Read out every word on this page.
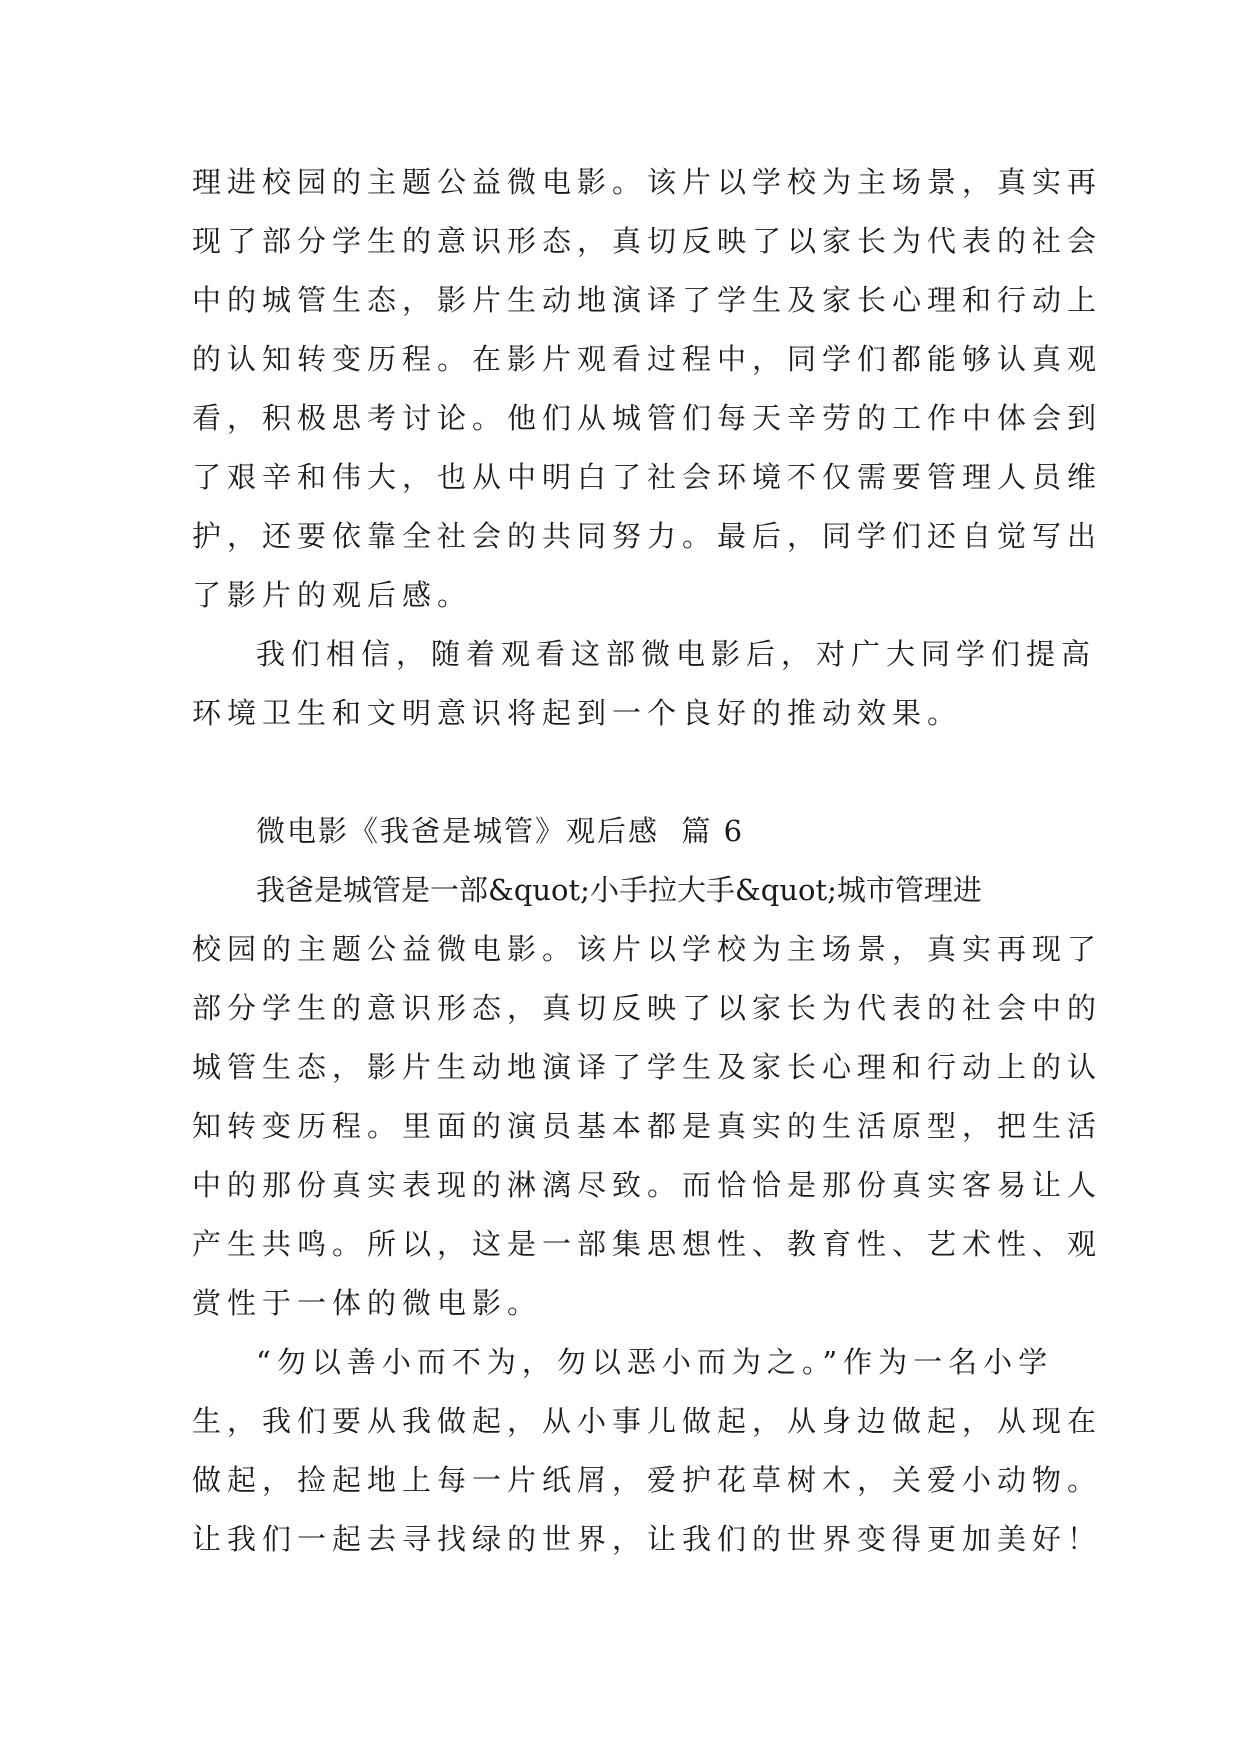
理进校园的主题公益微电影。该片以学校为主场景，真实再
现了部分学生的意识形态，真切反映了以家长为代表的社会
中的城管生态，影片生动地演译了学生及家长心理和行动上
的认知转变历程。在影片观看过程中，同学们都能够认真观
看，积极思考讨论。他们从城管们每天辛劳的工作中体会到
了艰辛和伟大，也从中明白了社会环境不仅需要管理人员维
护，还要依靠全社会的共同努力。最后，同学们还自觉写出
了影片的观后感。
我们相信，随着观看这部微电影后，对广大同学们提高
环境卫生和文明意识将起到一个良好的推动效果。
微电影《我爸是城管》观后感  篇 6
我爸是城管是一部&quot;小手拉大手&quot;城市管理进
校园的主题公益微电影。该片以学校为主场景，真实再现了
部分学生的意识形态，真切反映了以家长为代表的社会中的
城管生态，影片生动地演译了学生及家长心理和行动上的认
知转变历程。里面的演员基本都是真实的生活原型，把生活
中的那份真实表现的淋漓尽致。而恰恰是那份真实客易让人
产生共鸣。所以，这是一部集思想性、教育性、艺术性、观
赏性于一体的微电影。
“勿以善小而不为，勿以恶小而为之。”作为一名小学
生，我们要从我做起，从小事儿做起，从身边做起，从现在
做起，捡起地上每一片纸屑，爱护花草树木，关爱小动物。
让我们一起去寻找绿的世界，让我们的世界变得更加美好！
